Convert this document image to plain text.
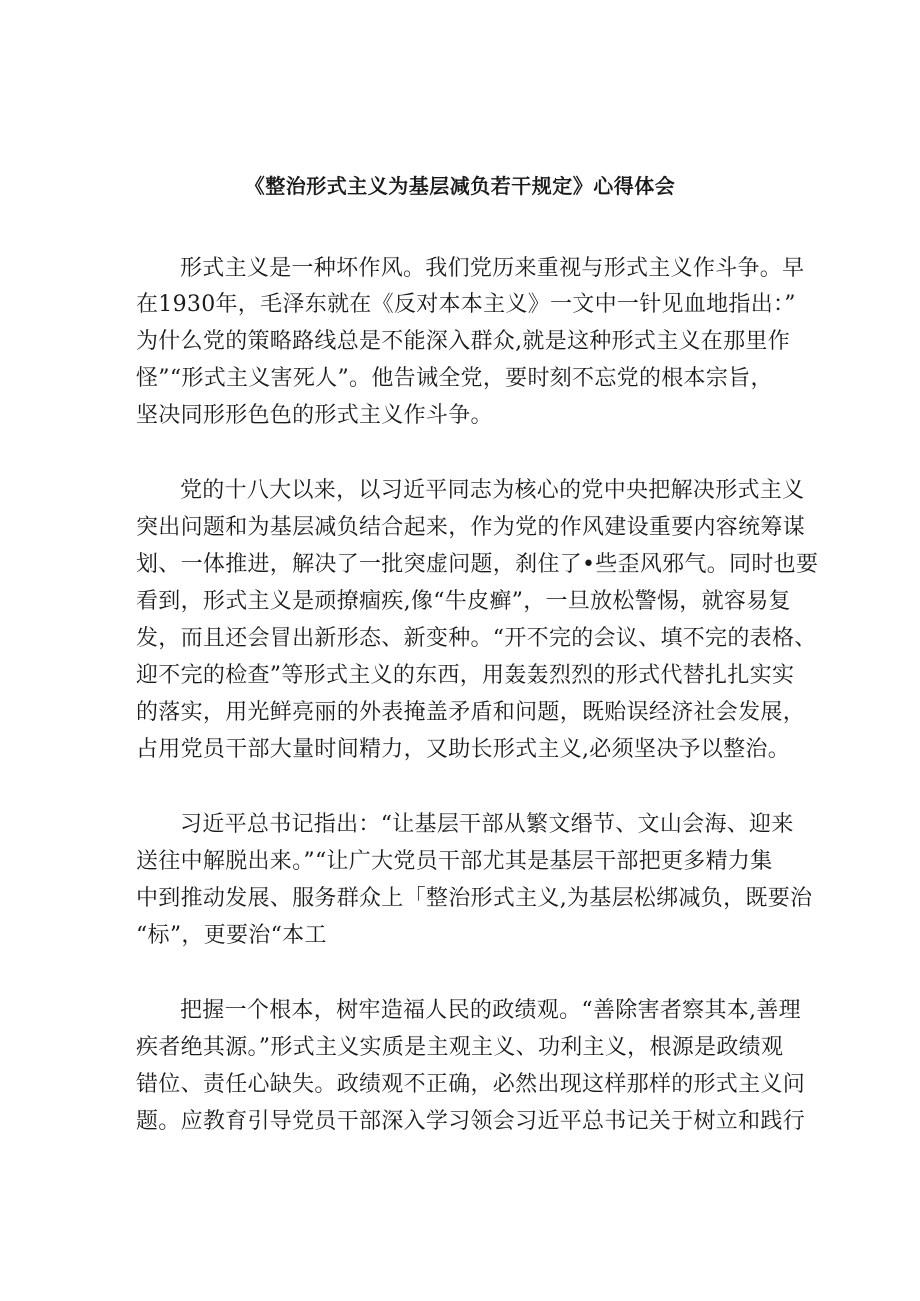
《整治形式主义为基层减负若干规定》心得体会
形式主义是一种坏作风。我们党历来重视与形式主义作斗争。早
在1930年，毛泽东就在《反对本本主义》一文中一针见血地指出：”
为什么党的策略路线总是不能深入群众,就是这种形式主义在那里作
怪”“形式主义害死人”。他告诫全党，要时刻不忘党的根本宗旨，
坚决同形形色色的形式主义作斗争。
党的十八大以来，以习近平同志为核心的党中央把解决形式主义
突出问题和为基层减负结合起来，作为党的作风建设重要内容统筹谋
划、一体推进，解决了一批突虚问题，刹住了•些歪风邪气。同时也要
看到，形式主义是顽撩痼疾,像“牛皮癣”，一旦放松警惕，就容易复
发，而且还会冒出新形态、新变种。“开不完的会议、填不完的表格、
迎不完的检查”等形式主义的东西，用轰轰烈烈的形式代替扎扎实实
的落实，用光鲜亮丽的外表掩盖矛盾和问题，既贻误经济社会发展，
占用党员干部大量时间精力，又助长形式主义,必须坚决予以整治。
习近平总书记指出：“让基层干部从繁文缗节、文山会海、迎来
送往中解脱出来。”“让广大党员干部尤其是基层干部把更多精力集
中到推动发展、服务群众上「整治形式主义,为基层松绑减负，既要治
“标”，更要治“本工
把握一个根本，树牢造福人民的政绩观。“善除害者察其本,善理
疾者绝其源。”形式主义实质是主观主义、功利主义，根源是政绩观
错位、责任心缺失。政绩观不正确，必然出现这样那样的形式主义问
题。应教育引导党员干部深入学习领会习近平总书记关于树立和践行
